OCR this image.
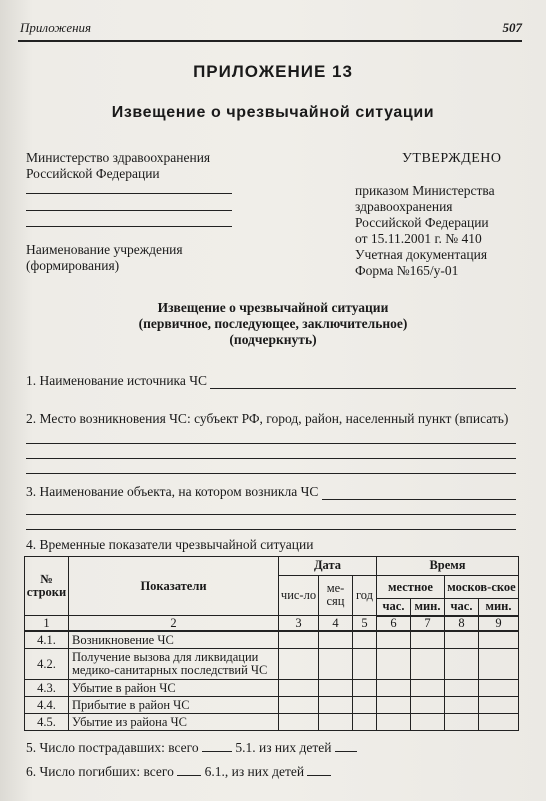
Приложения	507
ПРИЛОЖЕНИЕ 13
Извещение о чрезвычайной ситуации
Министерство здравоохранения
Российской Федерации
Наименование учреждения
(формирования)
УТВЕРЖДЕНО
приказом Министерства
здравоохранения
Российской Федерации
от 15.11.2001 г. № 410
Учетная документация
Форма №165/у-01
Извещение о чрезвычайной ситуации
(первичное, последующее, заключительное)
(подчеркнуть)
1. Наименование источника ЧС
2. Место возникновения ЧС: субъект РФ, город, район, населенный пункт (вписать)
3. Наименование объекта, на котором возникла ЧС
4. Временные показатели чрезвычайной ситуации
№ строки	Показатели	Дата			Время			
		чис-ло	ме-сяц	год	местное		москов-ское	
					час.	мин.	час.	мин.
1	2	3	4	5	6	7	8	9
4.1.	Возникновение ЧС							
4.2.	Получение вызова для ликвидации медико-санитарных последствий ЧС							
4.3.	Убытие в район ЧС							
4.4.	Прибытие в район ЧС							
4.5.	Убытие из района ЧС							
5. Число пострадавших: всего	5.1. из них детей
6. Число погибших: всего 6.1., из них детей
